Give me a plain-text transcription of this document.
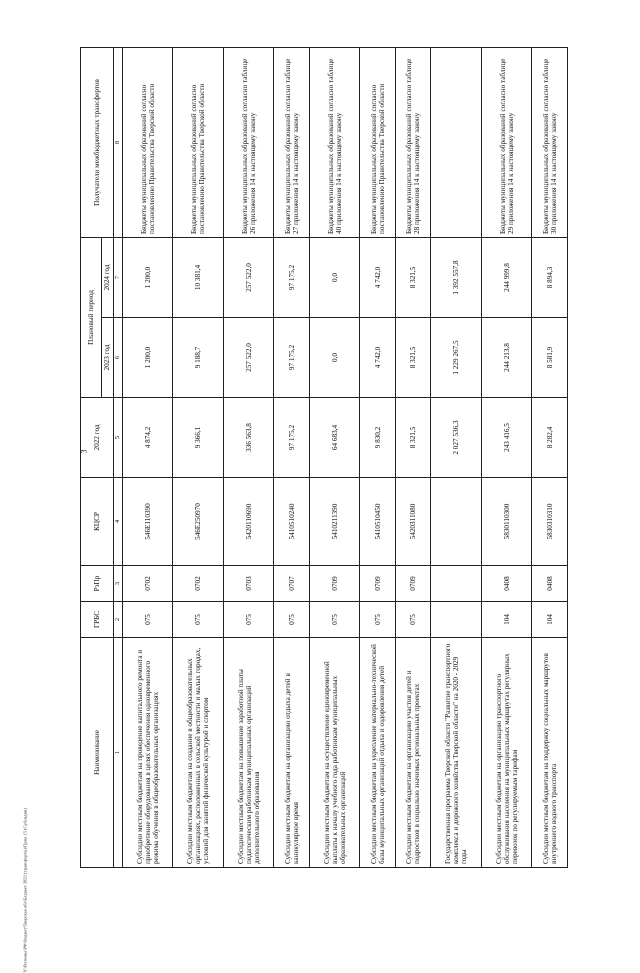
3
Y:\Регионы\РФ\бюджет\Тверская обл\Бюджет 2022 (трансферты)\Прил 15 (Субсидии)
Наименование	ГРБС	РзПр	КЦСР	2022 год	Плановый период		Получатели межбюджетных трансфертов
					2023 год	2024 год	
1	2	3	4	5	6	7	8
Субсидии местным бюджетам на проведение капитального ремонта и приобретение оборудования в целях обеспечения одновременного режима обучения в общеобразовательных организациях	075	0702	546Е110390	4 874,2	1 200,0	1 200,0	Бюджеты муниципальных образований согласно постановлению Правительства Тверской области
Субсидии местным бюджетам на создание в общеобразовательных организациях, расположенных в сельской местности и малых городах, условий для занятий физической культурой и спортом	075	0702	546Е250970	9 366,1	9 188,7	10 381,4	Бюджеты муниципальных образований согласно постановлению Правительства Тверской области
Субсидии местным бюджетам на повышение заработной платы педагогическим работникам муниципальных организаций дополнительного образования	075	0703	5420110690	336 563,8	257 522,0	257 522,0	Бюджеты муниципальных образований согласно таблице 26 приложения 14 к настоящему закону
Субсидии местным бюджетам на организацию отдыха детей в каникулярное время	075	0707	5410510240	97 175,2	97 175,2	97 175,2	Бюджеты муниципальных образований согласно таблице 27 приложения 14 к настоящему закону
Субсидии местным бюджетам на осуществление единовременной выплаты к началу учебного года работникам муниципальных образовательных организаций	075	0709	5410211390	64 683,4	0,0	0,0	Бюджеты муниципальных образований согласно таблице 40 приложения 14 к настоящему закону
Субсидии местным бюджетам на укрепление материально-технической базы муниципальных организаций отдыха и оздоровления детей	075	0709	5410510450	9 830,2	4 742,0	4 742,0	Бюджеты муниципальных образований согласно постановлению Правительства Тверской области
Субсидии местным бюджетам на организацию участия детей и подростков в социально значимых региональных проектах	075	0709	5420311080	8 321,5	8 321,5	8 321,5	Бюджеты муниципальных образований согласно таблице 28 приложения 14 к настоящему закону
Государственная программа Тверской области "Развитие транспортного комплекса и дорожного хозяйства Тверской области" на 2020 - 2029 годы				2 027 536,3	1 229 267,5	1 392 557,8	
Субсидии местным бюджетам на организацию транспортного обслуживания населения на муниципальных маршрутах регулярных перевозок по регулируемым тарифам	104	0408	5830110300	243 416,5	244 213,8	244 999,8	Бюджеты муниципальных образований согласно таблице 29 приложения 14 к настоящему закону
Субсидии местным бюджетам на поддержку социальных маршрутов внутреннего водного транспорта	104	0408	5830310310	8 282,4	8 581,9	8 894,3	Бюджеты муниципальных образований согласно таблице 30 приложения 14 к настоящему закону
